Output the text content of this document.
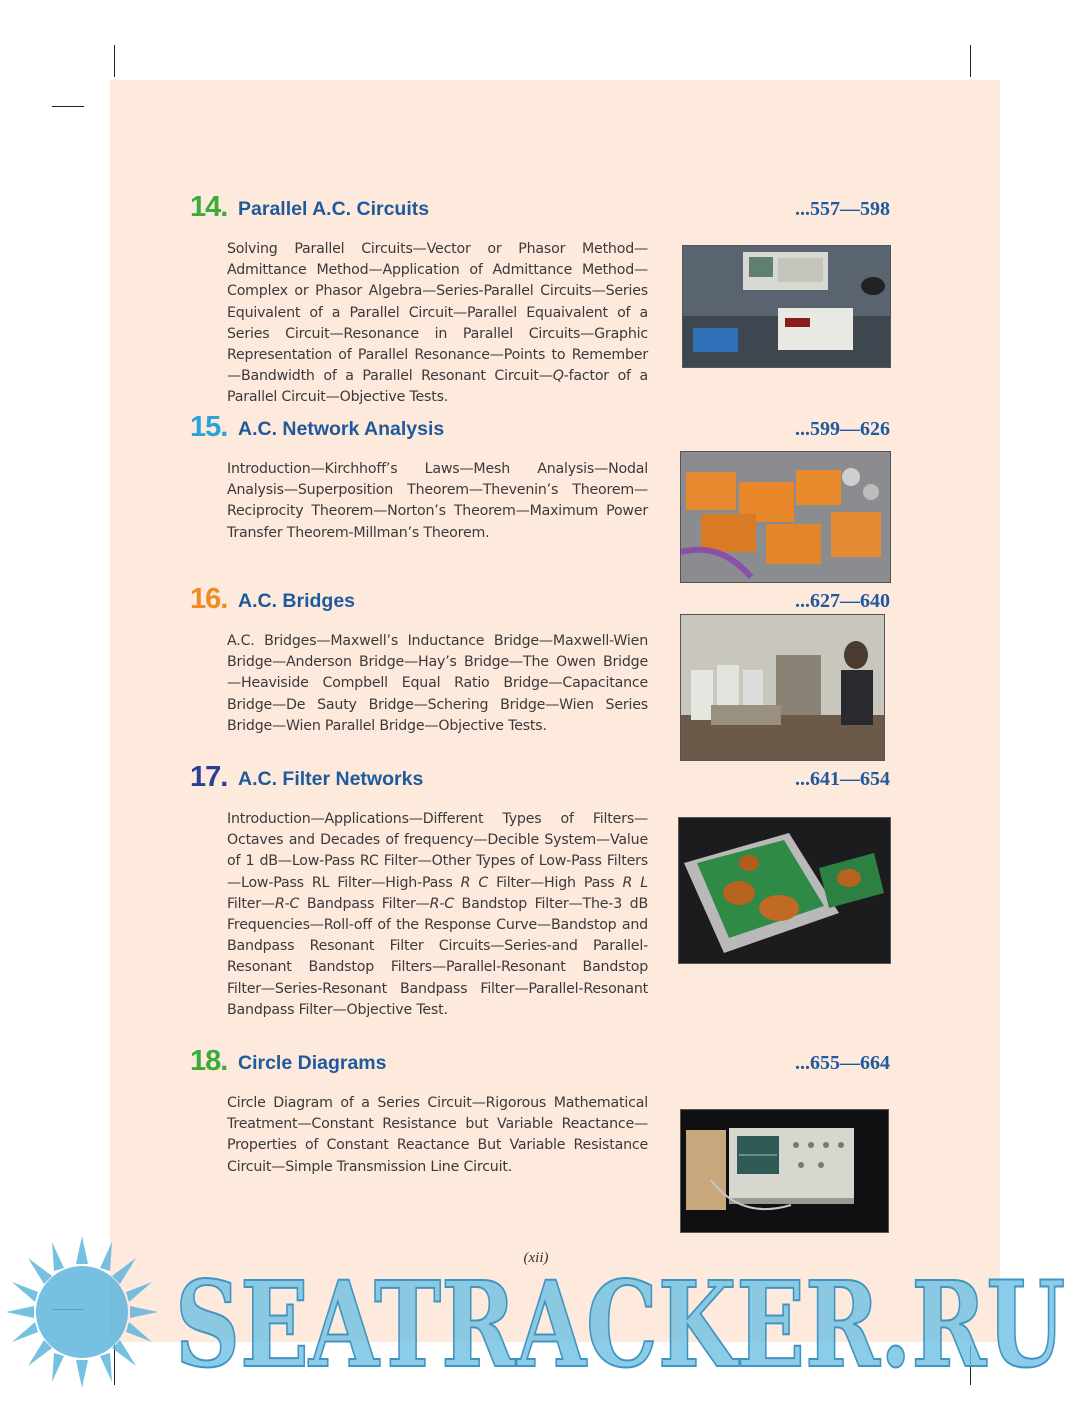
14. Parallel A.C. Circuits	...557—598
Solving Parallel Circuits—Vector or Phasor Method—Admittance Method—Application of Admittance Method—Complex or Phasor Algebra—Series-Parallel Circuits—Series Equivalent of a Parallel Circuit—Parallel Equaivalent of a Series Circuit—Resonance in Parallel Circuits—Graphic Representation of Parallel Resonance—Points to Remember—Bandwidth of a Parallel Resonant Circuit—Q-factor of a Parallel Circuit—Objective Tests.
15. A.C. Network Analysis	...599—626
Introduction—Kirchhoff’s Laws—Mesh Analysis—Nodal Analysis—Superposition Theorem—Thevenin’s Theorem—Reciprocity Theorem—Norton’s Theorem—Maximum Power Transfer Theorem-Millman’s Theorem.
16. A.C. Bridges	...627—640
A.C. Bridges—Maxwell’s Inductance Bridge—Maxwell-Wien Bridge—Anderson Bridge—Hay’s Bridge—The Owen Bridge—Heaviside Compbell Equal Ratio Bridge—Capacitance Bridge—De Sauty Bridge—Schering Bridge—Wien Series Bridge—Wien Parallel Bridge—Objective Tests.
17. A.C. Filter Networks	...641—654
Introduction—Applications—Different Types of Filters—Octaves and Decades of frequency—Decible System—Value of 1 dB—Low-Pass RC Filter—Other Types of Low-Pass Filters—Low-Pass RL Filter—High-Pass R C Filter—High Pass R L Filter—R-C Bandpass Filter—R-C Bandstop Filter—The-3 dB Frequencies—Roll-off of the Response Curve—Bandstop and Bandpass Resonant Filter Circuits—Series-and Parallel-Resonant Bandstop Filters—Parallel-Resonant Bandstop Filter—Series-Resonant Bandpass Filter—Parallel-Resonant Bandpass Filter—Objective Test.
18. Circle Diagrams	...655—664
Circle Diagram of a Series Circuit—Rigorous Mathematical Treatment—Constant Resistance but Variable Reactance—Properties of Constant Reactance But Variable Resistance Circuit—Simple Transmission Line Circuit.
(xii)
SEATRACKER.RU
